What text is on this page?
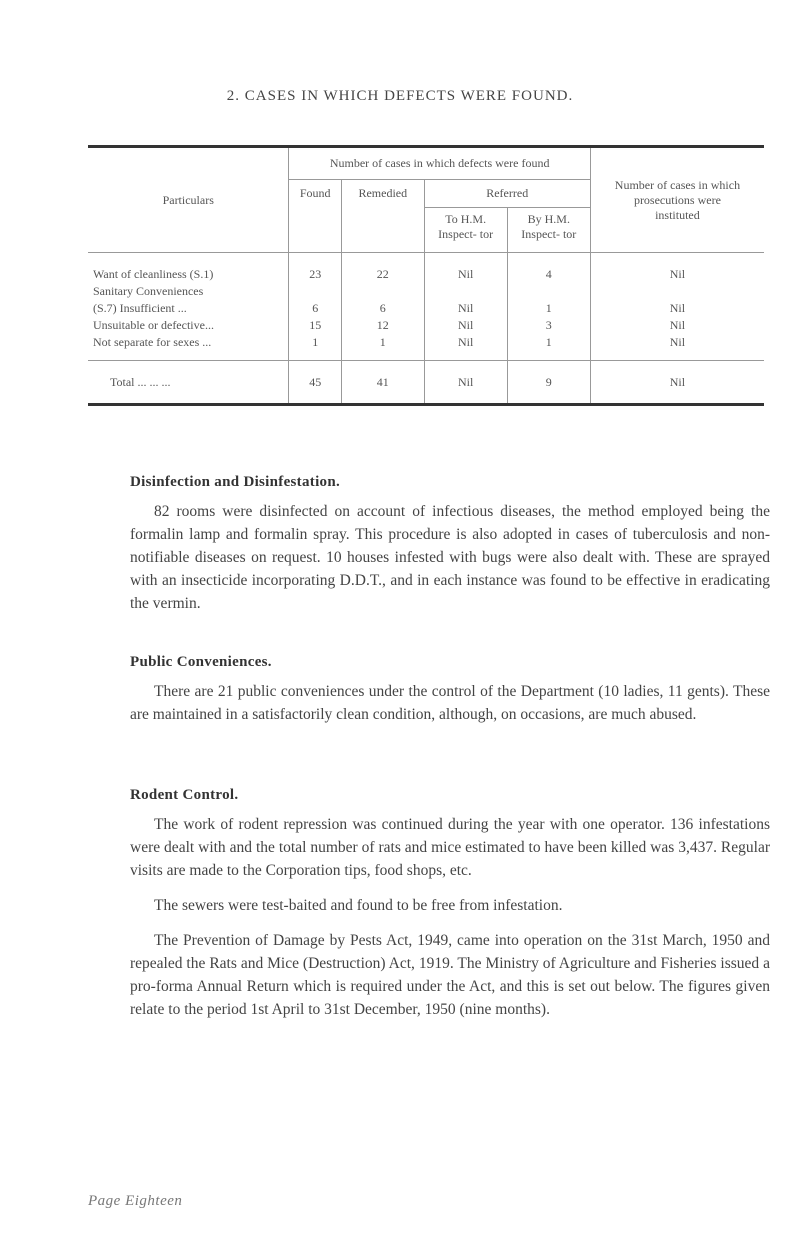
2. CASES IN WHICH DEFECTS WERE FOUND.
Particulars	Number of cases in which defects were found				Number of cases in which prosecutions were instituted
	Found	Remedied	Referred		
			To H.M. Inspect- tor	By H.M. Inspect- tor	
Want of cleanliness (S.1)	23	22	Nil	4	Nil
Sanitary Conveniences					
(S.7) Insufficient ...	6	6	Nil	1	Nil
Unsuitable or defective...	15	12	Nil	3	Nil
Not separate for sexes ...	1	1	Nil	1	Nil
Total ... ... ...	45	41	Nil	9	Nil
Disinfection and Disinfestation.

82 rooms were disinfected on account of infectious diseases, the method employed being the formalin lamp and formalin spray. This procedure is also adopted in cases of tuberculosis and non-notifiable diseases on request. 10 houses infested with bugs were also dealt with. These are sprayed with an insecticide incorporating D.D.T., and in each instance was found to be effective in eradicating the vermin.

Public Conveniences.

There are 21 public conveniences under the control of the Department (10 ladies, 11 gents). These are maintained in a satisfactorily clean condition, although, on occasions, are much abused.

Rodent Control.

The work of rodent repression was continued during the year with one operator. 136 infestations were dealt with and the total number of rats and mice estimated to have been killed was 3,437. Regular visits are made to the Corporation tips, food shops, etc.

The sewers were test-baited and found to be free from infestation.

The Prevention of Damage by Pests Act, 1949, came into operation on the 31st March, 1950 and repealed the Rats and Mice (Destruction) Act, 1919. The Ministry of Agriculture and Fisheries issued a pro-forma Annual Return which is required under the Act, and this is set out below. The figures given relate to the period 1st April to 31st December, 1950 (nine months).

Page Eighteen
